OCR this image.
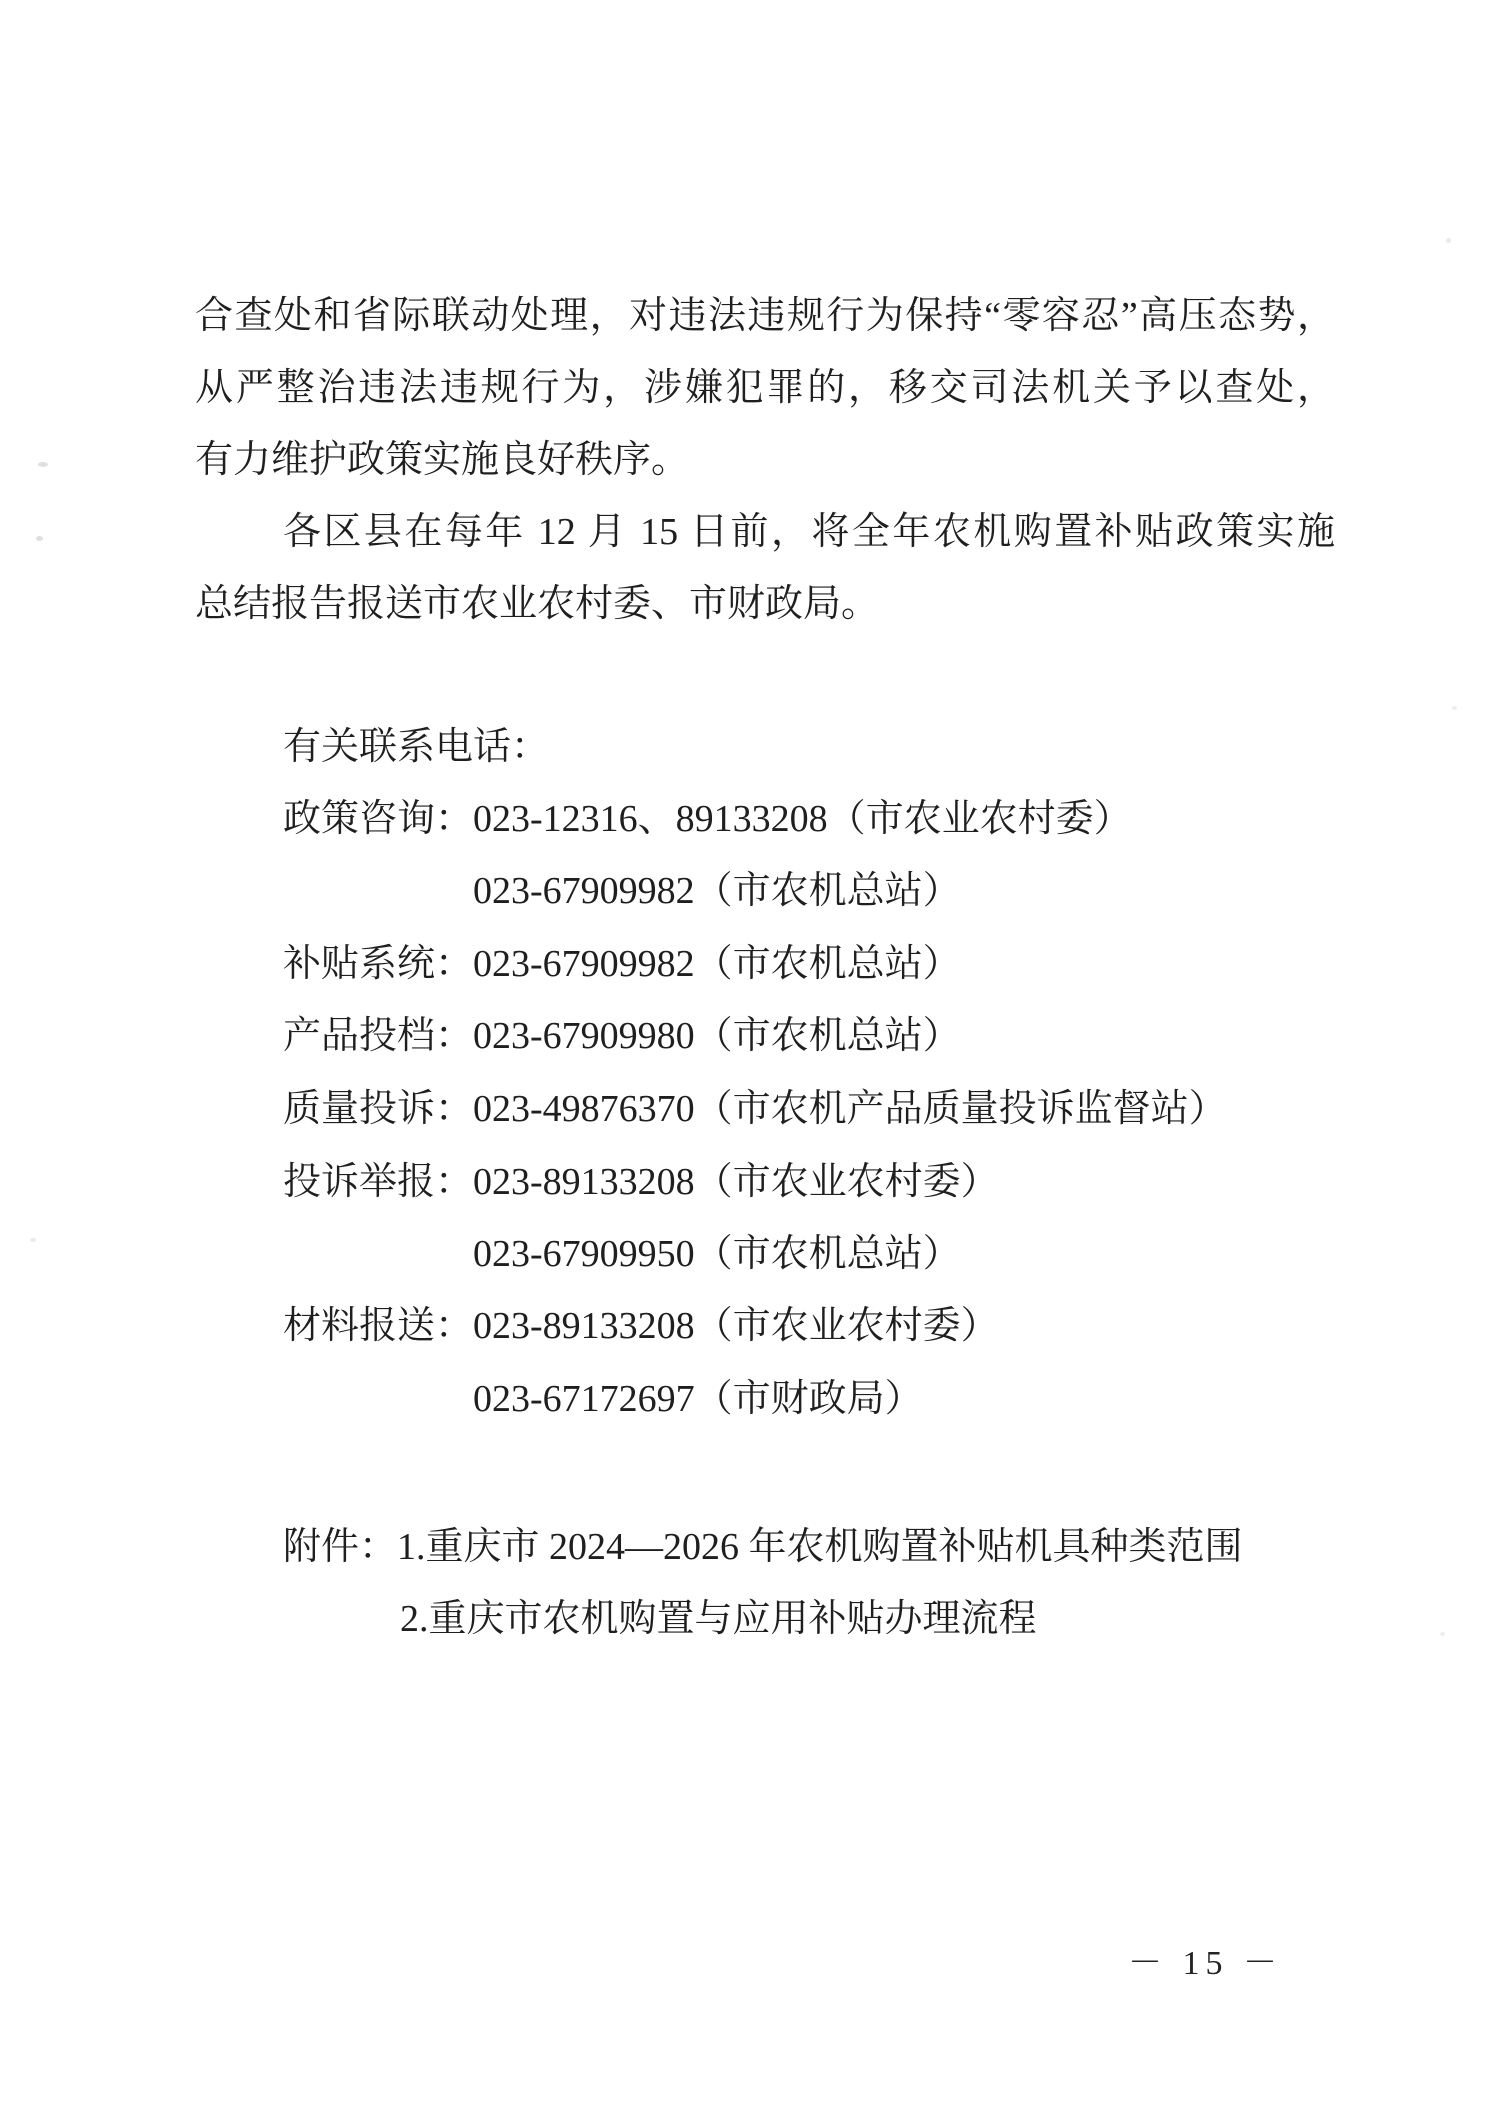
合查处和省际联动处理，对违法违规行为保持“零容忍”高压态势，
从严整治违法违规行为，涉嫌犯罪的，移交司法机关予以查处，
有力维护政策实施良好秩序。
各区县在每年 12 月 15 日前，将全年农机购置补贴政策实施
总结报告报送市农业农村委、市财政局。
有关联系电话：
政策咨询：023-12316、89133208（市农业农村委）
023-67909982（市农机总站）
补贴系统：023-67909982（市农机总站）
产品投档：023-67909980（市农机总站）
质量投诉：023-49876370（市农机产品质量投诉监督站）
投诉举报：023-89133208（市农业农村委）
023-67909950（市农机总站）
材料报送：023-89133208（市农业农村委）
023-67172697（市财政局）
附件：1.重庆市 2024—2026 年农机购置补贴机具种类范围
2.重庆市农机购置与应用补贴办理流程
－ 15 －
